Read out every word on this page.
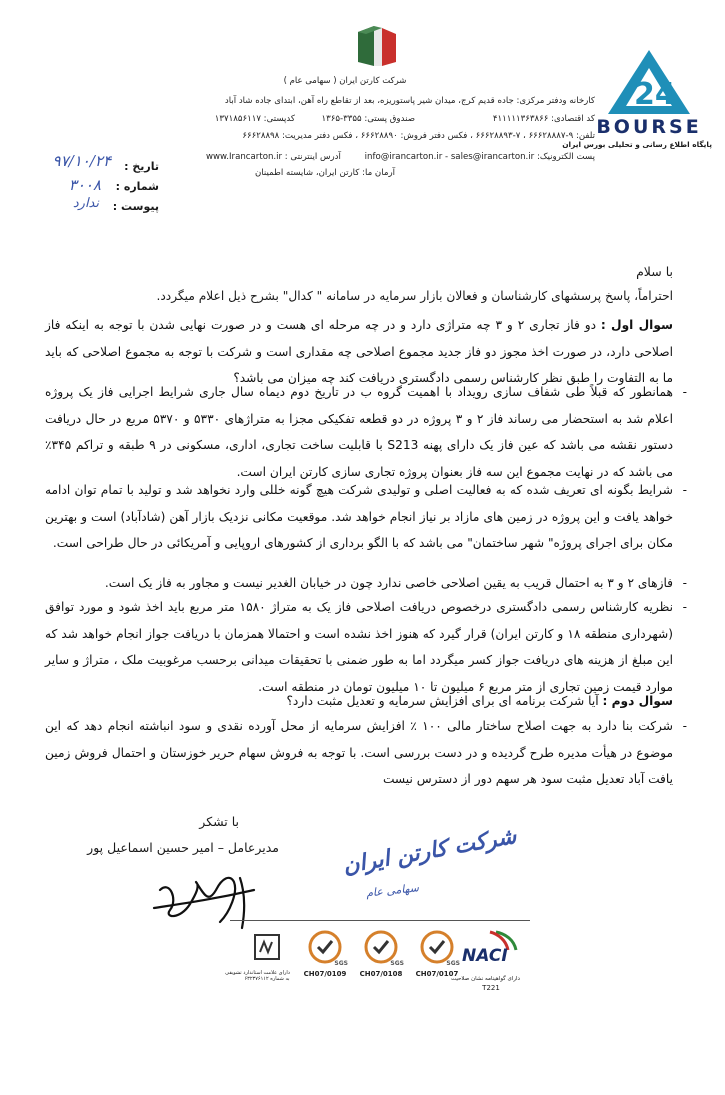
شرکت کارتن ایران ( سهامی عام )
کارخانه ودفتر مرکزی: جاده قدیم کرج، میدان شیر پاستوریزه، بعد از تقاطع راه آهن، ابتدای جاده شاد آباد
کد اقتصادی: ۴۱۱۱۱۱۳۶۳۸۶۶
صندوق پستی: ۳۳۵۵-۱۳۶۵
کدپستی: ۱۳۷۱۸۵۶۱۱۷
تلفن: ۹-۶۶۶۲۸۸۸۷ ، ۷-۶۶۶۲۸۸۹۳ ، فکس دفتر فروش: ۶۶۶۲۸۸۹۰ ، فکس دفتر مدیریت: ۶۶۶۲۸۸۹۸
پست الکترونیک: info@irancarton.ir - sales@irancarton.ir
www.Irancarton.ir : آدرس اینترنتی
آرمان ما: کارتن ایران، شایسته اطمینان
24
BOURSE
پایگاه اطلاع رسانی و تحلیلی بورس ایران
تاریخ :
شماره :
پیوست :
۹۷/۱۰/۲۴
۳۰۰۸
ندارد
با سلام
احتراماً، پاسخ پرسشهای کارشناسان و فعالان بازار سرمایه در سامانه " کدال" بشرح ذیل اعلام میگردد.
سوال اول : دو فاز تجاری ۲ و ۳ چه متراژی دارد و در چه مرحله ای هست و در صورت نهایی شدن با توجه به اینکه فاز اصلاحی دارد، در صورت اخذ مجوز دو فاز جدید مجموع اصلاحی چه مقداری است و شرکت با توجه به مجموع اصلاحی که باید ما به التفاوت را طبق نظر کارشناس رسمی دادگستری دریافت کند چه میزان می باشد؟
- همانطور که قبلاً طی شفاف سازی رویداد با اهمیت گروه ب در تاریخ دوم دیماه سال جاری شرایط اجرایی فاز یک پروژه اعلام شد به استحضار می رساند فاز ۲ و ۳ پروژه در دو قطعه تفکیکی مجزا به متراژهای ۵۳۳۰ و ۵۳۷۰ مربع در حال دریافت دستور نقشه می باشد که عین فاز یک دارای پهنه S213 با قابلیت ساخت تجاری، اداری، مسکونی در ۹ طبقه و تراکم ۳۴۵٪ می باشد که در نهایت مجموع این سه فاز بعنوان پروژه تجاری سازی کارتن ایران است.
- شرایط بگونه ای تعریف شده که به فعالیت اصلی و تولیدی شرکت هیچ گونه خللی وارد نخواهد شد و تولید با تمام توان ادامه خواهد یافت و این پروژه در زمین های مازاد بر نیاز انجام خواهد شد. موقعیت مکانی نزدیک بازار آهن (شادآباد) است و بهترین مکان برای اجرای پروژه" شهر ساختمان" می باشد که با الگو برداری از کشورهای اروپایی و آمریکائی در حال طراحی است.
- فازهای ۲ و ۳ به احتمال قریب به یقین اصلاحی خاصی ندارد چون در خیابان الغدیر نیست و مجاور به فاز یک است.
- نظریه کارشناس رسمی دادگستری درخصوص دریافت اصلاحی فاز یک به متراژ ۱۵۸۰ متر مربع باید اخذ شود و مورد توافق (شهرداری منطقه ۱۸ و کارتن ایران) قرار گیرد که هنوز اخذ نشده است و احتمالا همزمان با دریافت جواز انجام خواهد شد که این مبلغ از هزینه های دریافت جواز کسر میگردد اما به طور ضمنی با تحقیقات میدانی برحسب مرغوبیت ملک ، متراژ و سایر موارد قیمت زمین تجاری از متر مربع ۶ میلیون تا ۱۰ میلیون تومان در منطقه است.
سوال دوم : آیا شرکت برنامه ای برای افزایش سرمایه و تعدیل مثبت دارد؟
- شرکت بنا دارد به جهت اصلاح ساختار مالی ۱۰۰ ٪ افزایش سرمایه از محل آورده نقدی و سود انباشته انجام دهد که این موضوع در هیأت مدیره طرح گردیده و در دست بررسی است. با توجه به فروش سهام حریر خوزستان و احتمال فروش زمین یافت آباد تعدیل مثبت سود هر سهم دور از دسترس نیست
با تشکر
مدیرعامل – امیر حسین اسماعیل پور	شرکت کارتن ایران
سهامی عام
NACI
دارای گواهینامه نشان صلاحیت
T221
SGS
CH07/0107
SGS
CH07/0108
SGS
CH07/0109
دارای علامت استاندارد تشویقی
به شماره ۶۳۲۳۷۶۱۱۲
